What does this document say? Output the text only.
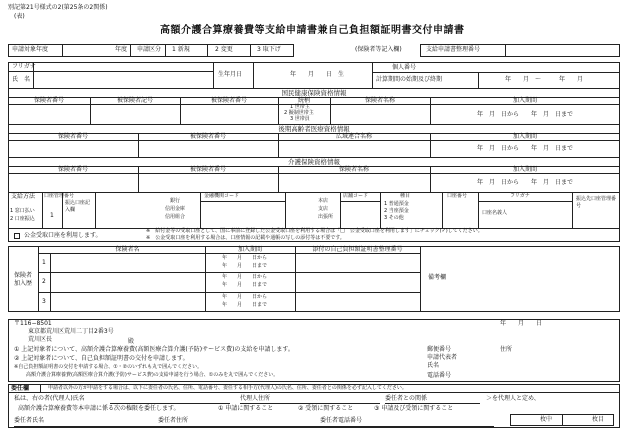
別記第21号様式の2(第25条の2関係)
(表)
高額介護合算療養費等支給申請書兼自己負担額証明書交付申請書
申請対象年度	年度 申請区分 1 新規	2 変更	3 取下げ	(保険者等記入欄)	支給申請書整理番号
フリガナ
氏　名
生年月日	年　　月　　日　生
個人番号
計算期間の始期及び終期	年　　月　〜　　　年　　月
国民健康保険資格情報
保険者番号	被保険者記号	被保険者番号	続柄	保険者名称	加入期間
1 世帯主
2 擬制世帯主
3 世帯員
年　月　日から　　年　月　日まで
後期高齢者医療資格情報
保険者番号	被保険者番号	広域連合名称	加入期間
年　月　日から　　年　月　日まで
介護保険資格情報
保険者番号	被保険者番号	保険者名称	加入期間
年　月　日から　　年　月　日まで
支給方法
1 窓口払い
2 口座振込
口座管理番号
1
振込口座記入欄
銀行
信用金庫
信用組合
金融機関コード
本店
支店
出張所
店舗コード	種目
1 普通預金
2 当座預金
3 その他
口座番号	フリガナ
口座名義人
振込先口座管理番号
公金受取口座を利用します。
※　給付金等の受取口座として、国に事前に登録した公金受取口座を利用する場合は「□　公金受取口座を利用します」にチェック(✓)してください。
※　公金受取口座を利用する場合は、口座情報の記載や通帳の写しの添付等は不要です。
保険者加入歴
保険者名	加入期間	添付の自己負担額証明書整理番号
1
2
3
年　　月　　日から
年　　月　　日まで
年　　月　　日から
年　　月　　日まで
年　　月　　日から
年　　月　　日まで
備考欄
〒116−8501
東京都荒川区荒川二丁目2番3号
荒川区長	殿
年　　月　　日
① 上記対象者について、高額介護合算療養費(高額医療合算介護(予防)サービス費)の支給を申請します。
② 上記対象者について、自己負担額証明書の交付を申請します。
※自己負担額証明書の交付を申請する場合、①・②のいずれも丸で囲んでください。
高額介護合算療養費(高額医療合算介護(予防)サービス費)の支給申請を行う場合、①のみを丸で囲んでください。
郵便番号	住所
申請代表者
氏名
電話番号
委任欄	申請者以外の方が申請をする場合は、以下に委任者の氏名、住所、電話番号、委任する相手方(代理人)の氏名、住所、委任者との関係を必ず記入してください。
私は、右の者(代理人)氏名	代理人住所	委任者との関係	＞を代理人と定め、
高額介護合算療養費等本申請に係る次の権限を委任します。	① 申請に関すること	② 受領に関すること	③ 申請及び受領に関すること
委任者氏名	委任者住所	委任者電話番号	枚中	枚目
